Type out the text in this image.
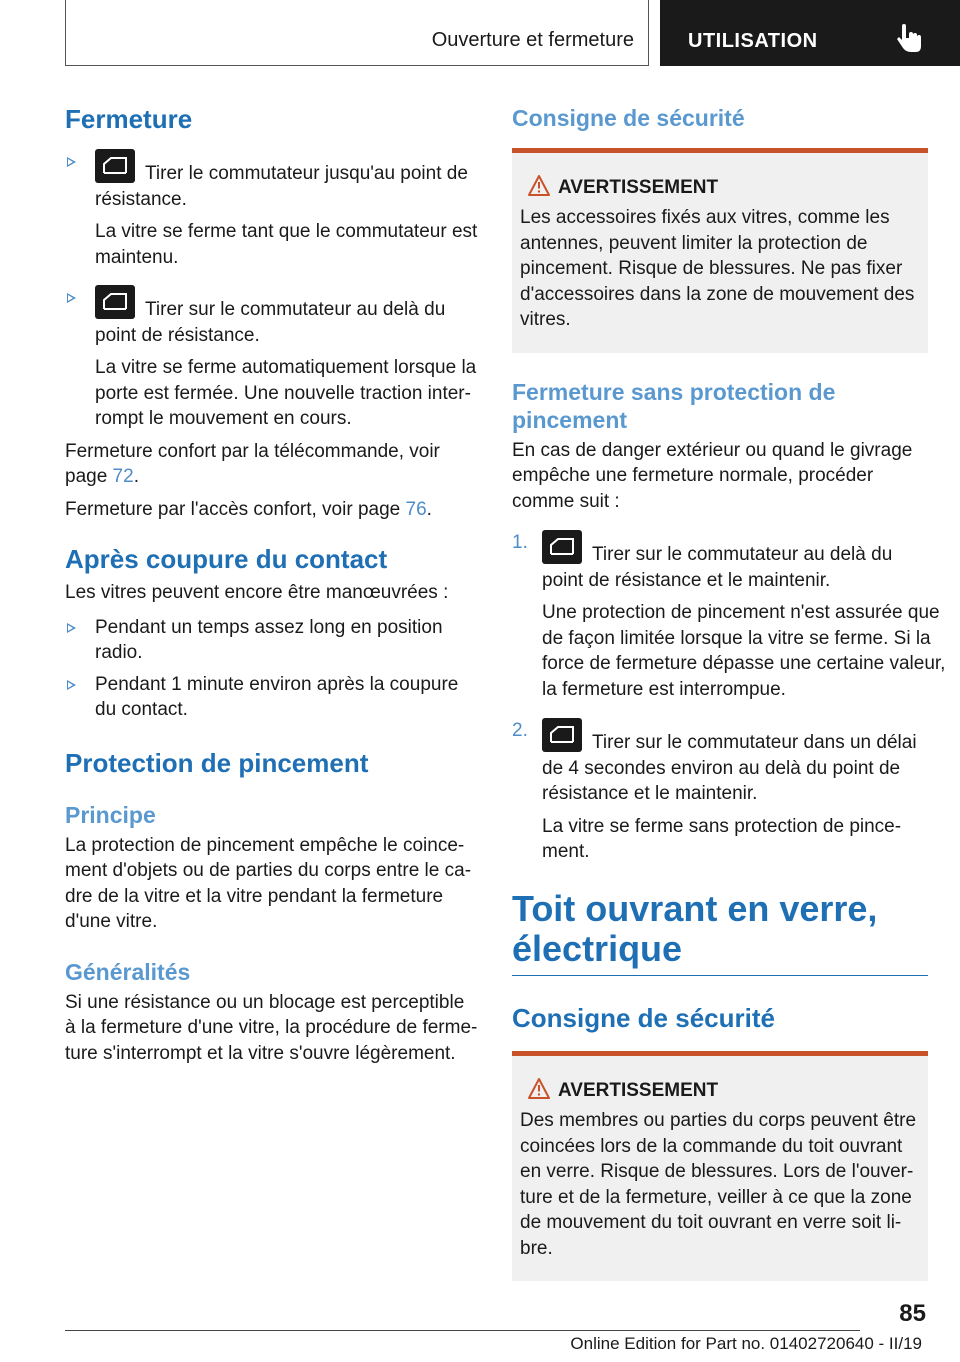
Ouverture et fermeture	UTILISATION
Fermeture

Tirer le commutateur jusqu'au point de résistance.

La vitre se ferme tant que le commutateur est maintenu.

Tirer sur le commutateur au delà du point de résistance.

La vitre se ferme automatiquement lorsque la porte est fermée. Une nouvelle traction interrompt le mouvement en cours.

Fermeture confort par la télécommande, voir page 72.

Fermeture par l'accès confort, voir page 76.

Après coupure du contact

Les vitres peuvent encore être manœuvrées :

Pendant un temps assez long en position radio.

Pendant 1 minute environ après la coupure du contact.

Protection de pincement
Principe

La protection de pincement empêche le coincement d'objets ou de parties du corps entre le cadre de la vitre et la vitre pendant la fermeture d'une vitre.

Généralités

Si une résistance ou un blocage est perceptible à la fermeture d'une vitre, la procédure de fermeture s'interrompt et la vitre s'ouvre légèrement.

Consigne de sécurité
AVERTISSEMENT

Les accessoires fixés aux vitres, comme les antennes, peuvent limiter la protection de pincement. Risque de blessures. Ne pas fixer d'accessoires dans la zone de mouvement des vitres.

Fermeture sans protection de pincement

En cas de danger extérieur ou quand le givrage empêche une fermeture normale, procéder comme suit :

1.

Tirer sur le commutateur au delà du point de résistance et le maintenir.

Une protection de pincement n'est assurée que de façon limitée lorsque la vitre se ferme. Si la force de fermeture dépasse une certaine valeur, la fermeture est interrompue.

2.

Tirer sur le commutateur dans un délai de 4 secondes environ au delà du point de résistance et le maintenir.

La vitre se ferme sans protection de pincement.

Toit ouvrant en verre, électrique
Consigne de sécurité
AVERTISSEMENT

Des membres ou parties du corps peuvent être coincées lors de la commande du toit ouvrant en verre. Risque de blessures. Lors de l'ouverture et de la fermeture, veiller à ce que la zone de mouvement du toit ouvrant en verre soit libre.

85
Online Edition for Part no. 01402720640 - II/19
